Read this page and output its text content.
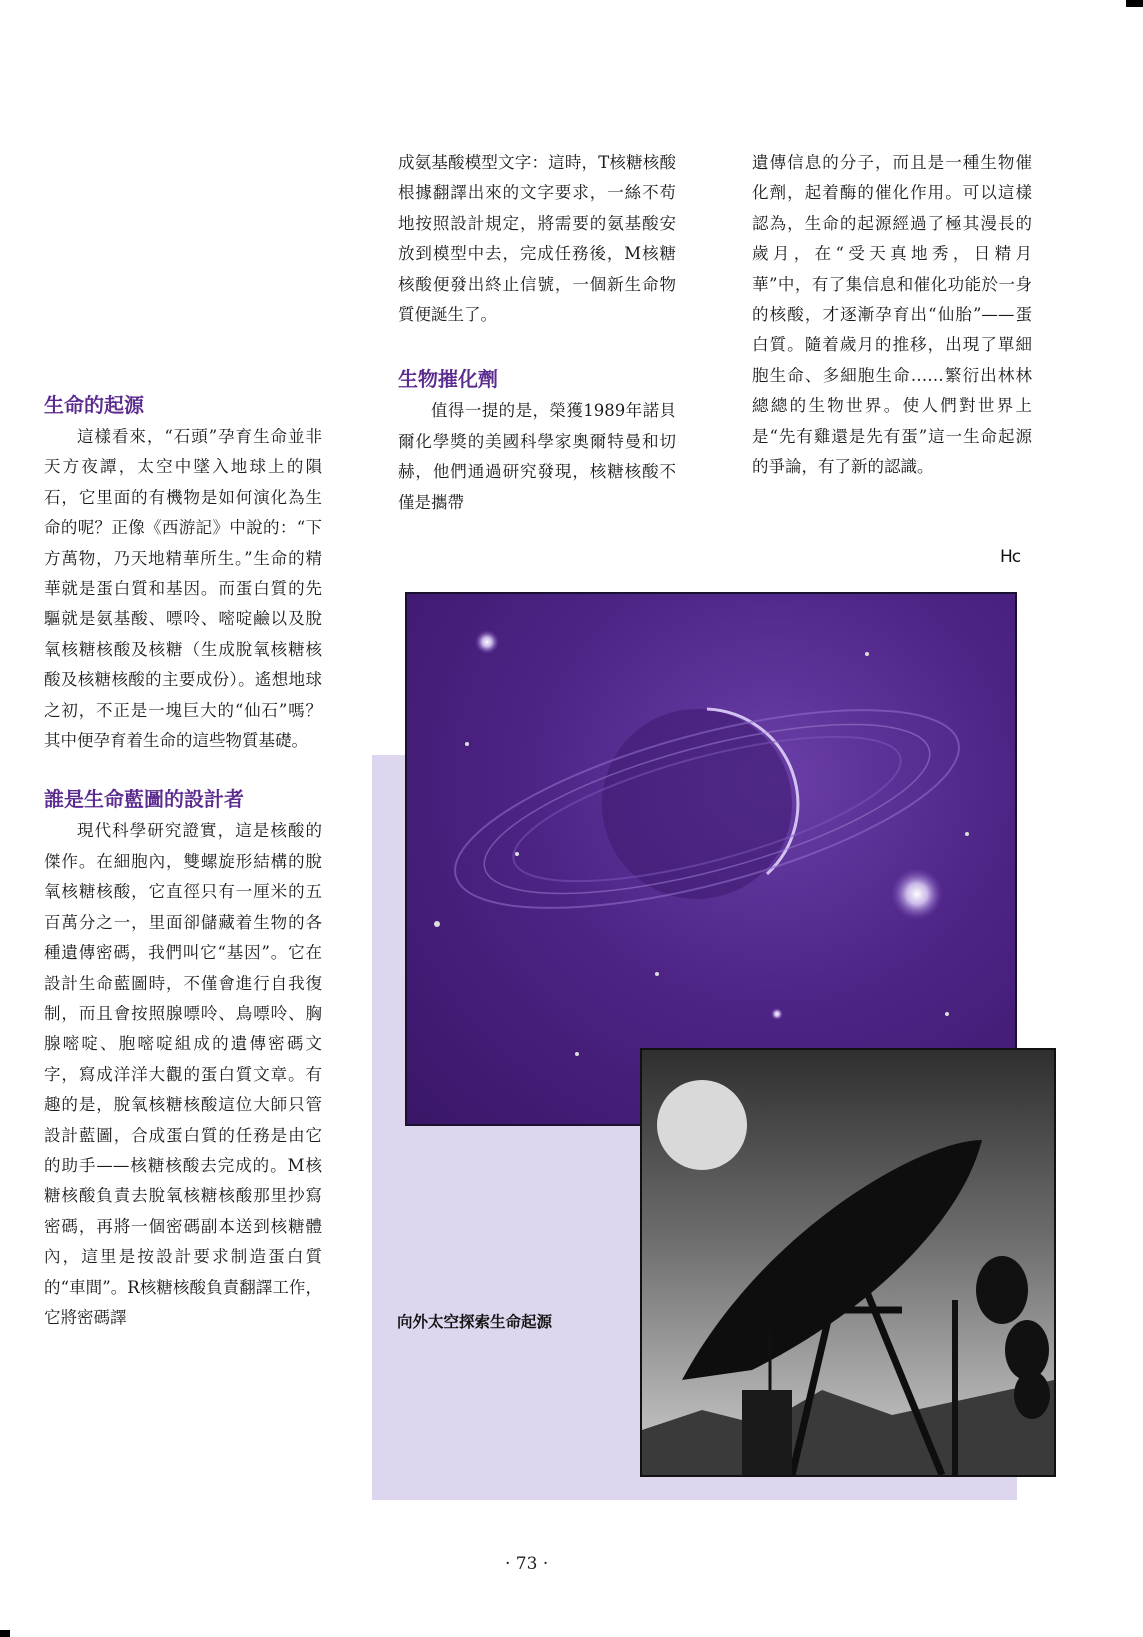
成氨基酸模型文字：這時，T核糖核酸根據翻譯出來的文字要求，一絲不苟地按照設計規定，將需要的氨基酸安放到模型中去，完成任務後，M核糖核酸便發出終止信號，一個新生命物質便誕生了。

生物摧化劑

值得一提的是，榮獲1989年諾貝爾化學獎的美國科學家奧爾特曼和切赫，他們通過研究發現，核糖核酸不僅是攜帶

遺傳信息的分子，而且是一種生物催化劑，起着酶的催化作用。可以這樣認為，生命的起源經過了極其漫長的歲月，在“受天真地秀，日精月華”中，有了集信息和催化功能於一身的核酸，才逐漸孕育出“仙胎”——蛋白質。隨着歲月的推移，出現了單細胞生命、多細胞生命……繁衍出林林總總的生物世界。使人們對世界上是“先有雞還是先有蛋”這一生命起源的爭論，有了新的認識。

Hc
生命的起源

這樣看來，“石頭”孕育生命並非天方夜譚，太空中墜入地球上的隕石，它里面的有機物是如何演化為生命的呢？正像《西游記》中說的：“下方萬物，乃天地精華所生。”生命的精華就是蛋白質和基因。而蛋白質的先驅就是氨基酸、嘌呤、嘧啶鹼以及脫氧核糖核酸及核糖（生成脫氧核糖核酸及核糖核酸的主要成份）。遙想地球之初，不正是一塊巨大的“仙石”嗎？其中便孕育着生命的這些物質基礎。

誰是生命藍圖的設計者

現代科學研究證實，這是核酸的傑作。在細胞內，雙螺旋形結構的脫氧核糖核酸，它直徑只有一厘米的五百萬分之一，里面卻儲藏着生物的各種遺傳密碼，我們叫它“基因”。它在設計生命藍圖時，不僅會進行自我復制，而且會按照腺嘌呤、鳥嘌呤、胸腺嘧啶、胞嘧啶組成的遺傳密碼文字，寫成洋洋大觀的蛋白質文章。有趣的是，脫氧核糖核酸這位大師只管設計藍圖，合成蛋白質的任務是由它的助手——核糖核酸去完成的。M核糖核酸負責去脫氧核糖核酸那里抄寫密碼，再將一個密碼副本送到核糖體內，這里是按設計要求制造蛋白質的“車間”。R核糖核酸負責翻譯工作，它將密碼譯	向外太空探索生命起源
· 73 ·
